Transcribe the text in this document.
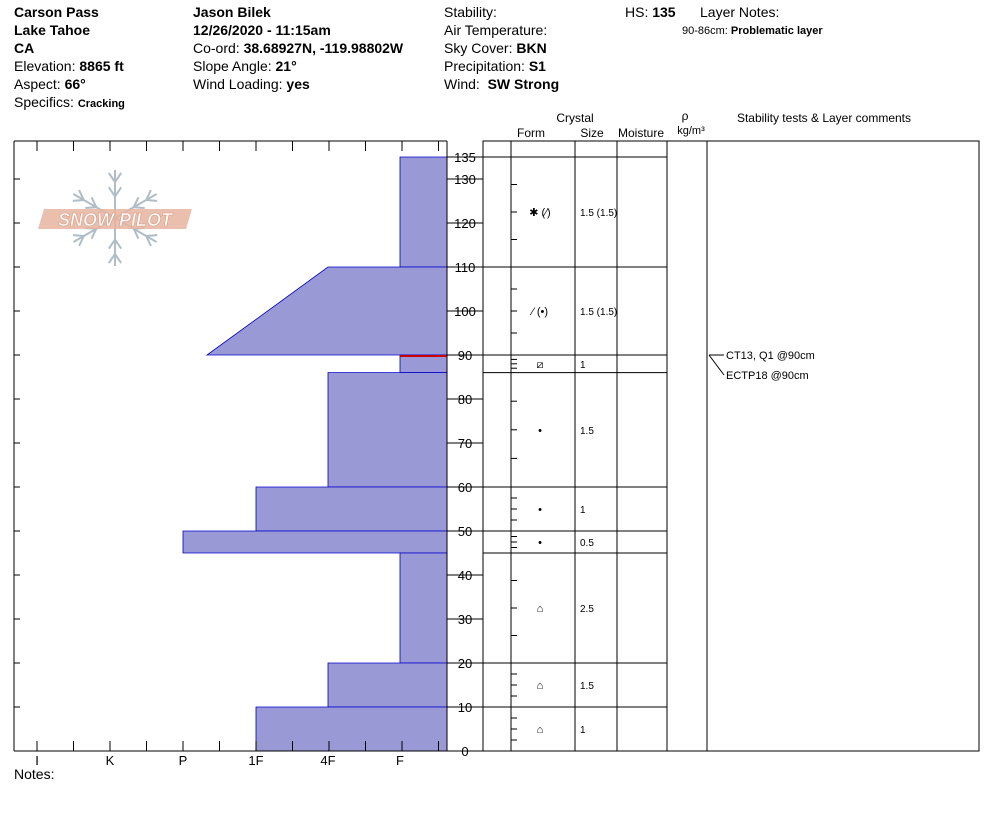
Carson Pass
Lake Tahoe
CA
Elevation: 8865 ft
Aspect: 66°
Specifics: Cracking
Jason Bilek
12/26/2020 - 11:15am
Co-ord: 38.68927N, -119.98802W
Slope Angle: 21°
Wind Loading: yes
Stability:
Air Temperature:
Sky Cover: BKN
Precipitation: S1
Wind: SW Strong
HS: 135 Layer Notes:
90-86cm: Problematic layer
Notes:
I	K	P	1F	4F	F
0
10
20
30
40
50
60
70
80
90
100
110
120
130
135
SNOW PILOT
Crystal
Form	Size Moisture
ρ
kg/m³
Stability tests & Layer comments
✱ (⁄)	1.5 (1.5)
⁄ (•)	1.5 (1.5)
⧄	1
•	1.5
•	1
•	0.5
⌂	2.5
⌂	1.5
⌂	1
CT13, Q1 @90cm
ECTP18 @90cm
